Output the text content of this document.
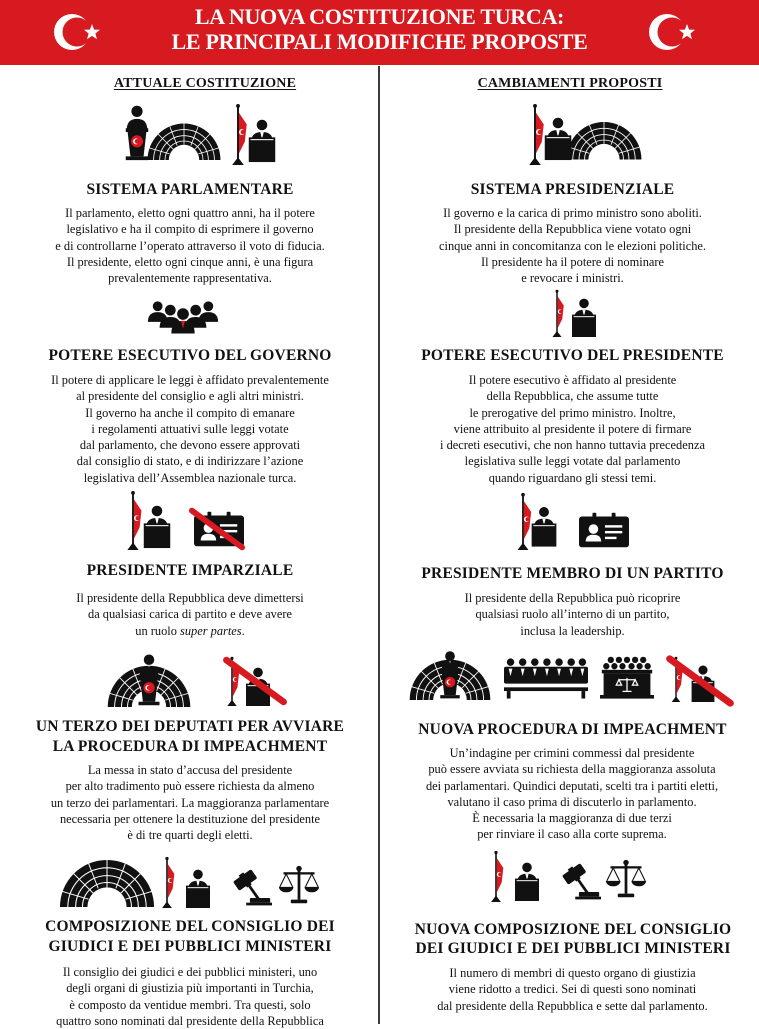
LA NUOVA COSTITUZIONE TURCA:
LE PRINCIPALI MODIFICHE PROPOSTE
ATTUALE COSTITUZIONE
SISTEMA PARLAMENTARE
Il parlamento, eletto ogni quattro anni, ha il potere
legislativo e ha il compito di esprimere il governo
e di controllarne l’operato attraverso il voto di fiducia.
Il presidente, eletto ogni cinque anni, è una figura
prevalentemente rappresentativa.
POTERE ESECUTIVO DEL GOVERNO
Il potere di applicare le leggi è affidato prevalentemente
al presidente del consiglio e agli altri ministri.
Il governo ha anche il compito di emanare
i regolamenti attuativi sulle leggi votate
dal parlamento, che devono essere approvati
dal consiglio di stato, e di indirizzare l’azione
legislativa dell’Assemblea nazionale turca.
PRESIDENTE IMPARZIALE
Il presidente della Repubblica deve dimettersi
da qualsiasi carica di partito e deve avere
un ruolo super partes.
UN TERZO DEI DEPUTATI PER AVVIARE
LA PROCEDURA DI IMPEACHMENT
La messa in stato d’accusa del presidente
per alto tradimento può essere richiesta da almeno
un terzo dei parlamentari. La maggioranza parlamentare
necessaria per ottenere la destituzione del presidente
è di tre quarti degli eletti.
COMPOSIZIONE DEL CONSIGLIO DEI
GIUDICI E DEI PUBBLICI MINISTERI
Il consiglio dei giudici e dei pubblici ministeri, uno
degli organi di giustizia più importanti in Turchia,
è composto da ventidue membri. Tra questi, solo
quattro sono nominati dal presidente della Repubblica
CAMBIAMENTI PROPOSTI
SISTEMA PRESIDENZIALE
Il governo e la carica di primo ministro sono aboliti.
Il presidente della Repubblica viene votato ogni
cinque anni in concomitanza con le elezioni politiche.
Il presidente ha il potere di nominare
e revocare i ministri.
POTERE ESECUTIVO DEL PRESIDENTE
Il potere esecutivo è affidato al presidente
della Repubblica, che assume tutte
le prerogative del primo ministro. Inoltre,
viene attribuito al presidente il potere di firmare
i decreti esecutivi, che non hanno tuttavia precedenza
legislativa sulle leggi votate dal parlamento
quando riguardano gli stessi temi.
PRESIDENTE MEMBRO DI UN PARTITO
Il presidente della Repubblica può ricoprire
qualsiasi ruolo all’interno di un partito,
inclusa la leadership.
NUOVA PROCEDURA DI IMPEACHMENT
Un’indagine per crimini commessi dal presidente
può essere avviata su richiesta della maggioranza assoluta
dei parlamentari. Quindici deputati, scelti tra i partiti eletti,
valutano il caso prima di discuterlo in parlamento.
È necessaria la maggioranza di due terzi
per rinviare il caso alla corte suprema.
NUOVA COMPOSIZIONE DEL CONSIGLIO
DEI GIUDICI E DEI PUBBLICI MINISTERI
Il numero di membri di questo organo di giustizia
viene ridotto a tredici. Sei di questi sono nominati
dal presidente della Repubblica e sette dal parlamento.
